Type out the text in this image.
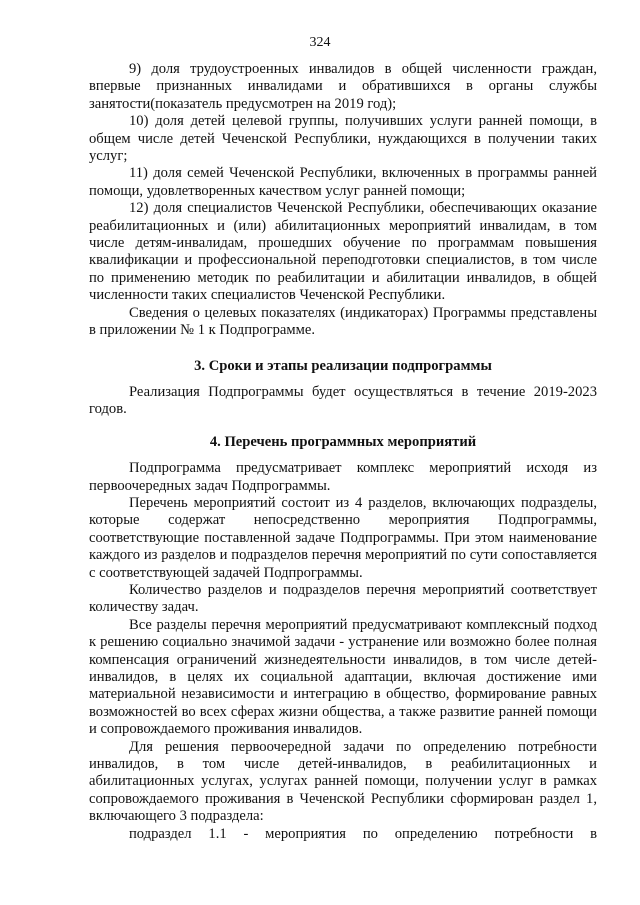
324

9) доля трудоустроенных инвалидов в общей численности граждан, впервые признанных инвалидами и обратившихся в органы службы занятости(показатель предусмотрен на 2019 год);

10) доля детей целевой группы, получивших услуги ранней помощи, в общем числе детей Чеченской Республики, нуждающихся в получении таких услуг;

11) доля семей Чеченской Республики, включенных в программы ранней помощи, удовлетворенных качеством услуг ранней помощи;

12) доля специалистов Чеченской Республики, обеспечивающих оказание реабилитационных и (или) абилитационных мероприятий инвалидам, в том числе детям-инвалидам, прошедших обучение по программам повышения квалификации и профессиональной переподготовки специалистов, в том числе по применению методик по реабилитации и абилитации инвалидов, в общей численности таких специалистов Чеченской Республики.

Сведения о целевых показателях (индикаторах) Программы представлены в приложении № 1 к Подпрограмме.

3. Сроки и этапы реализации подпрограммы

Реализация Подпрограммы будет осуществляться в течение 2019-2023 годов.

4. Перечень программных мероприятий

Подпрограмма предусматривает комплекс мероприятий исходя из первоочередных задач Подпрограммы.

Перечень мероприятий состоит из 4 разделов, включающих подразделы, которые содержат непосредственно мероприятия Подпрограммы, соответствующие поставленной задаче Подпрограммы. При этом наименование каждого из разделов и подразделов перечня мероприятий по сути сопоставляется с соответствующей задачей Подпрограммы.

Количество разделов и подразделов перечня мероприятий соответствует количеству задач.

Все разделы перечня мероприятий предусматривают комплексный подход к решению социально значимой задачи - устранение или возможно более полная компенсация ограничений жизнедеятельности инвалидов, в том числе детей-инвалидов, в целях их социальной адаптации, включая достижение ими материальной независимости и интеграцию в общество, формирование равных возможностей во всех сферах жизни общества, а также развитие ранней помощи и сопровождаемого проживания инвалидов.

Для решения первоочередной задачи по определению потребности инвалидов, в том числе детей-инвалидов, в реабилитационных и абилитационных услугах, услугах ранней помощи, получении услуг в рамках сопровождаемого проживания в Чеченской Республики сформирован раздел 1, включающего 3 подраздела:

подраздел 1.1 - мероприятия по определению потребности в
